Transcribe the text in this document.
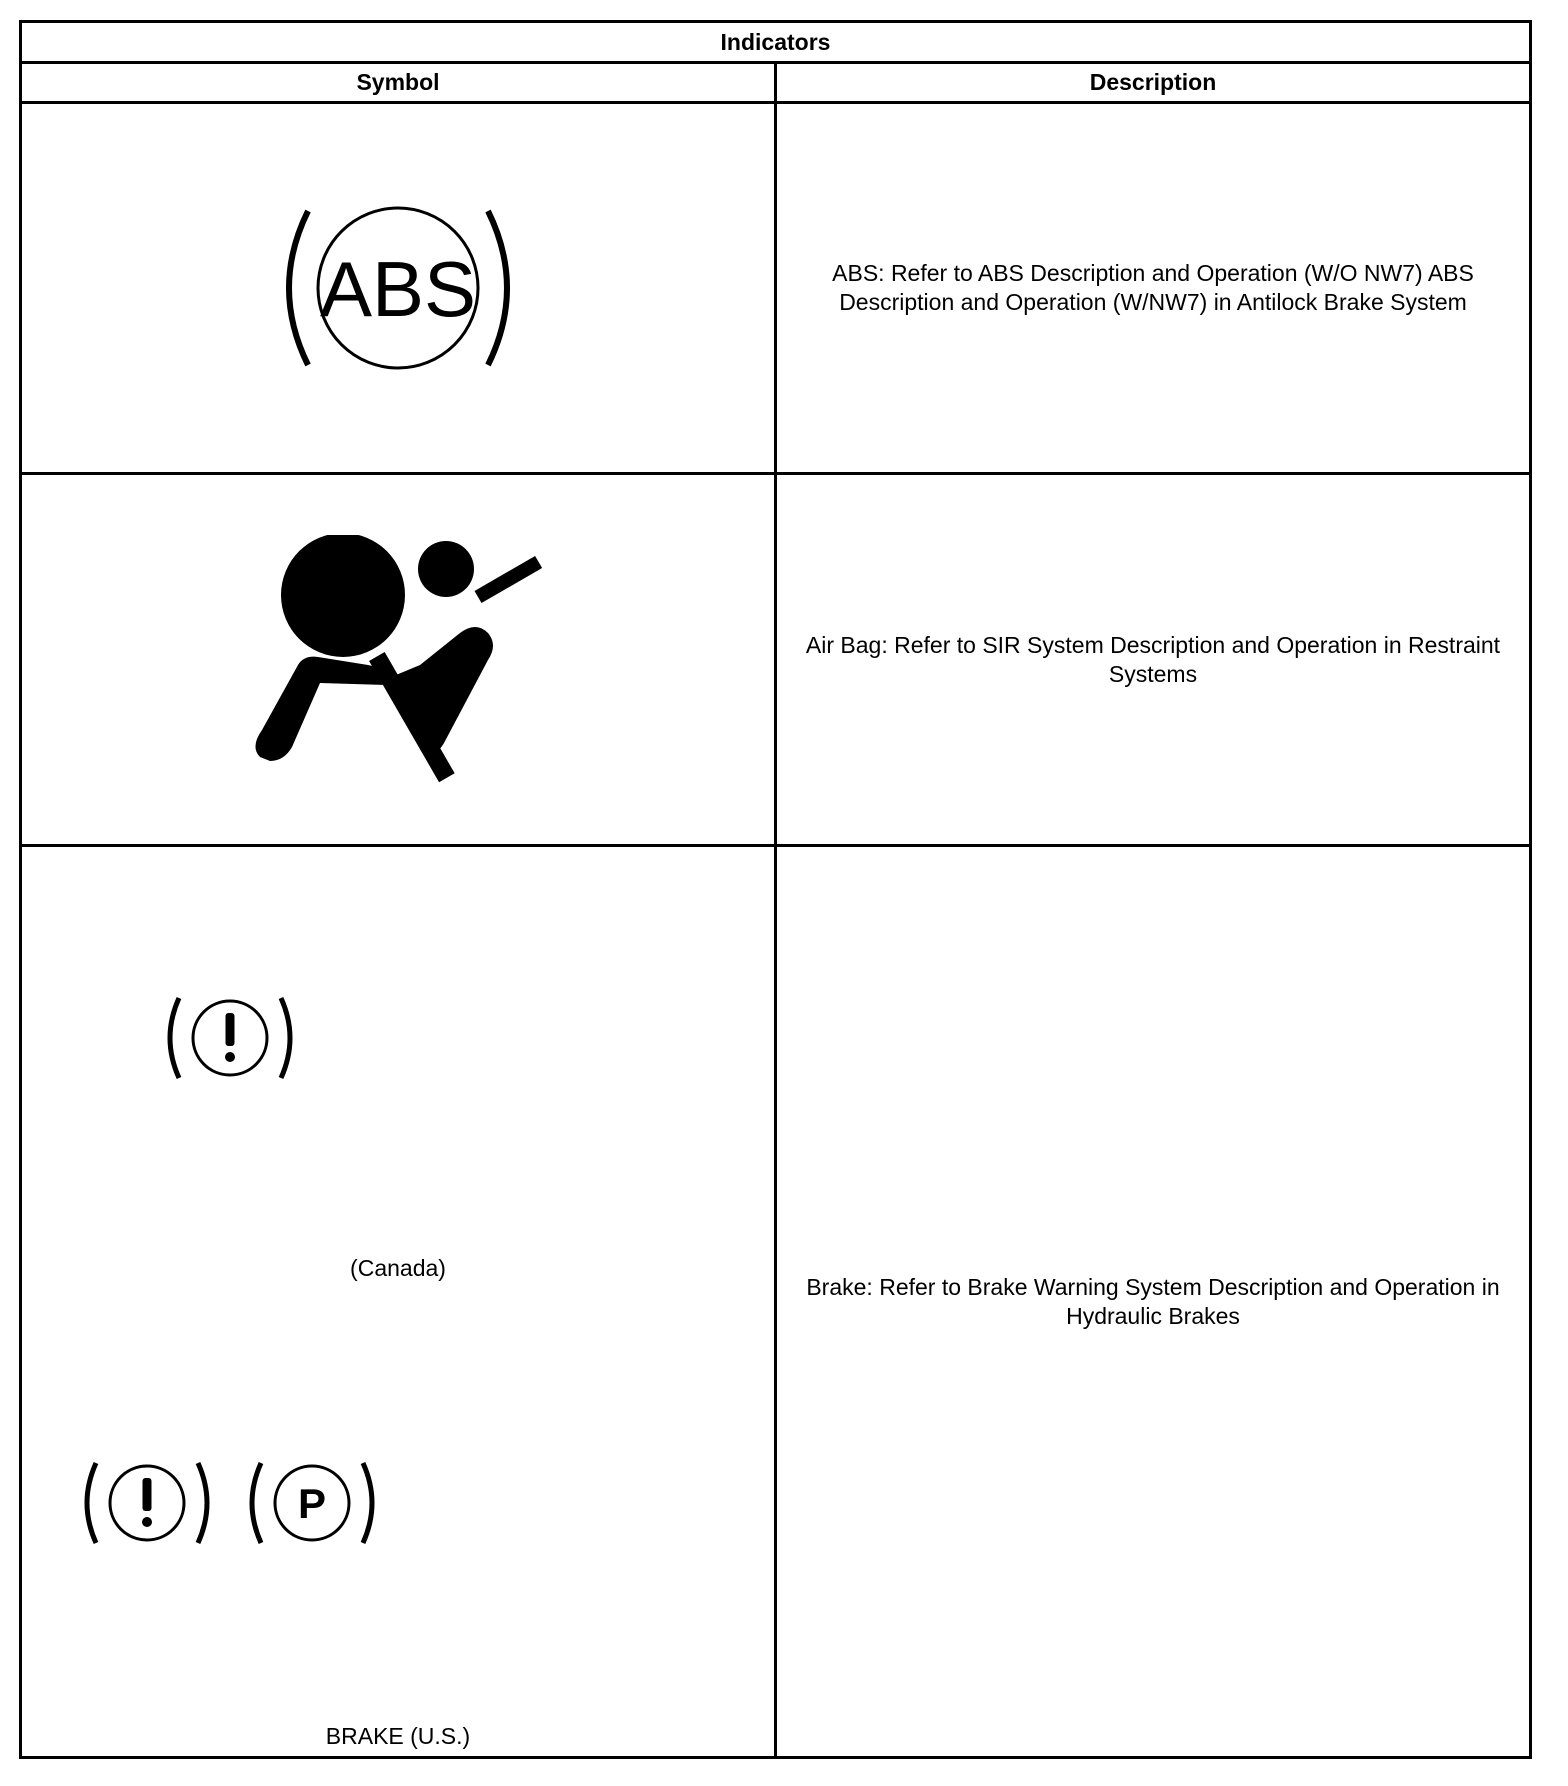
Indicators	
Symbol	Description

ABS	ABS: Refer to ABS Description and Operation (W/O NW7) ABS Description and Operation (W/NW7) in Antilock Brake System

	Air Bag: Refer to SIR System Description and Operation in Restraint Systems

(Canada)
P
BRAKE (U.S.)	Brake: Refer to Brake Warning System Description and Operation in Hydraulic Brakes
